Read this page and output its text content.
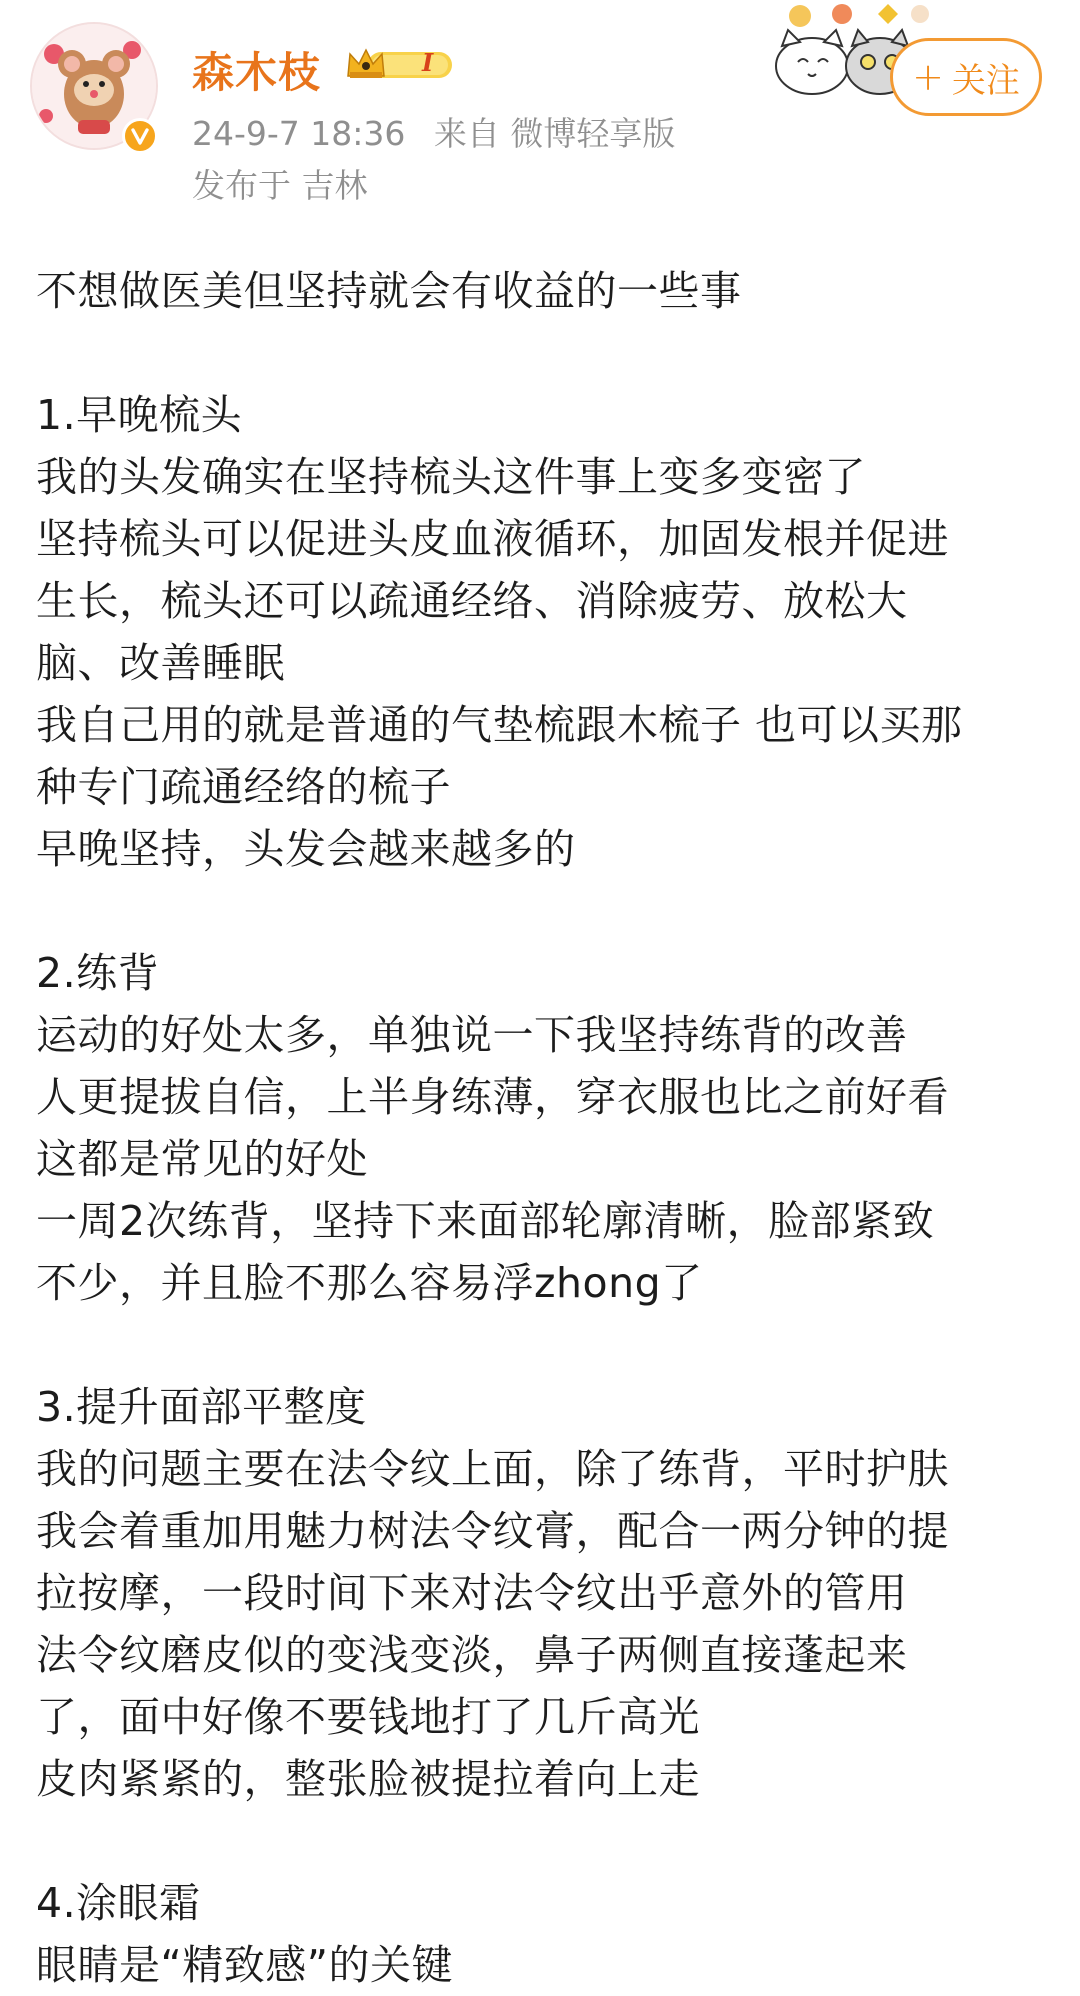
森木枝	I
24-9-7 18:36 来自 微博轻享版
发布于 吉林
+ 关注
不想做医美但坚持就会有收益的一些事
1.早晚梳头
我的头发确实在坚持梳头这件事上变多变密了
坚持梳头可以促进头皮血液循环，加固发根并促进
生长，梳头还可以疏通经络、消除疲劳、放松大
脑、改善睡眠
我自己用的就是普通的气垫梳跟木梳子 也可以买那
种专门疏通经络的梳子
早晚坚持，头发会越来越多的
2.练背
运动的好处太多，单独说一下我坚持练背的改善
人更提拔自信，上半身练薄，穿衣服也比之前好看
这都是常见的好处
一周2次练背，坚持下来面部轮廓清晰，脸部紧致
不少，并且脸不那么容易浮zhong了
3.提升面部平整度
我的问题主要在法令纹上面，除了练背，平时护肤
我会着重加用魅力树法令纹膏，配合一两分钟的提
拉按摩，一段时间下来对法令纹出乎意外的管用
法令纹磨皮似的变浅变淡，鼻子两侧直接蓬起来
了，面中好像不要钱地打了几斤高光
皮肉紧紧的，整张脸被提拉着向上走
4.涂眼霜
眼睛是“精致感”的关键
